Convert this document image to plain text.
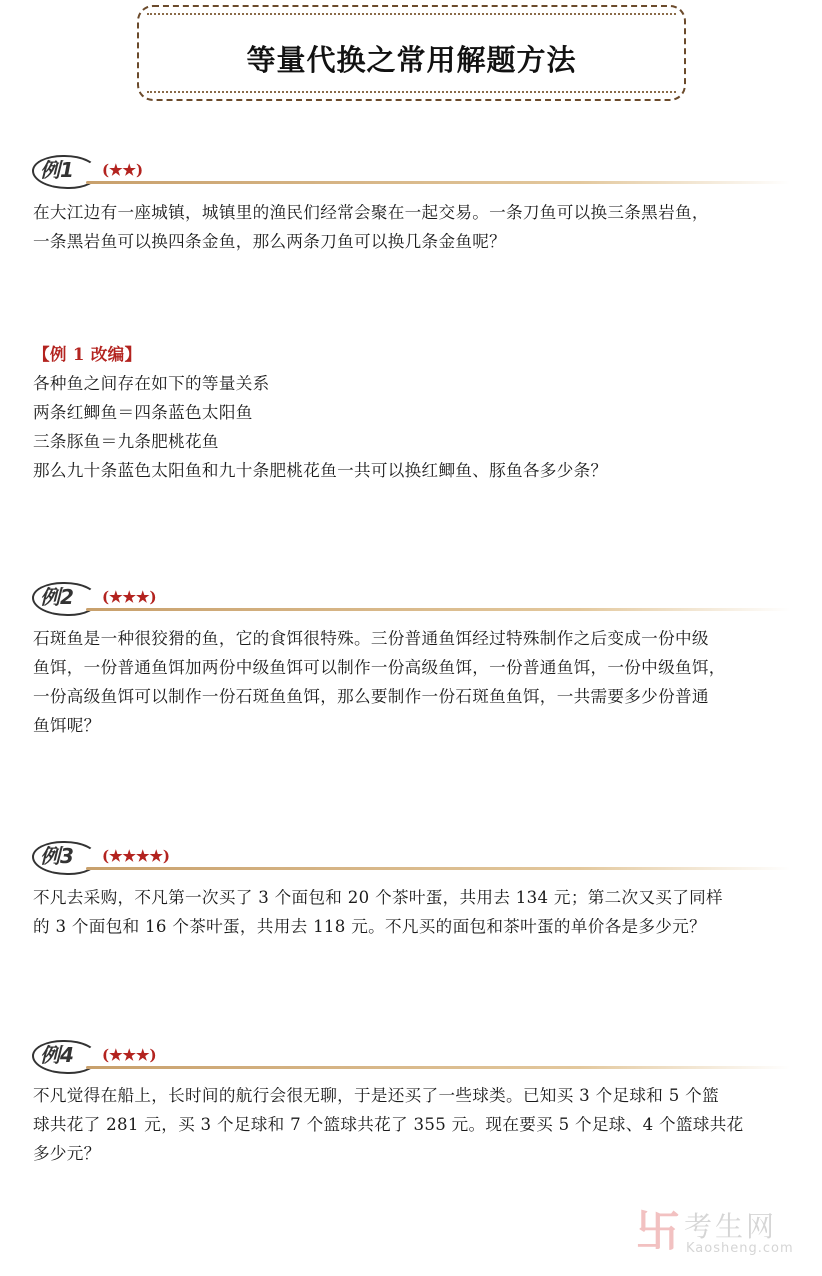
等量代换之常用解题方法
例1	(★★)

在大江边有一座城镇，城镇里的渔民们经常会聚在一起交易。一条刀鱼可以换三条黑岩鱼，
一条黑岩鱼可以换四条金鱼，那么两条刀鱼可以换几条金鱼呢？

【例 1 改编】
各种鱼之间存在如下的等量关系
两条红鲫鱼＝四条蓝色太阳鱼
三条豚鱼＝九条肥桃花鱼
那么九十条蓝色太阳鱼和九十条肥桃花鱼一共可以换红鲫鱼、豚鱼各多少条？

例2	(★★★)

石斑鱼是一种很狡猾的鱼，它的食饵很特殊。三份普通鱼饵经过特殊制作之后变成一份中级
鱼饵，一份普通鱼饵加两份中级鱼饵可以制作一份高级鱼饵，一份普通鱼饵，一份中级鱼饵，
一份高级鱼饵可以制作一份石斑鱼鱼饵，那么要制作一份石斑鱼鱼饵，一共需要多少份普通
鱼饵呢？

例3	(★★★★)

不凡去采购，不凡第一次买了 3 个面包和 20 个茶叶蛋，共用去 134 元；第二次又买了同样
的 3 个面包和 16 个茶叶蛋，共用去 118 元。不凡买的面包和茶叶蛋的单价各是多少元？

例4	(★★★)

不凡觉得在船上，长时间的航行会很无聊，于是还买了一些球类。已知买 3 个足球和 5 个篮
球共花了 281 元，买 3 个足球和 7 个篮球共花了 355 元。现在要买 5 个足球、4 个篮球共花
多少元？

卐 考生网
Kaosheng.com
